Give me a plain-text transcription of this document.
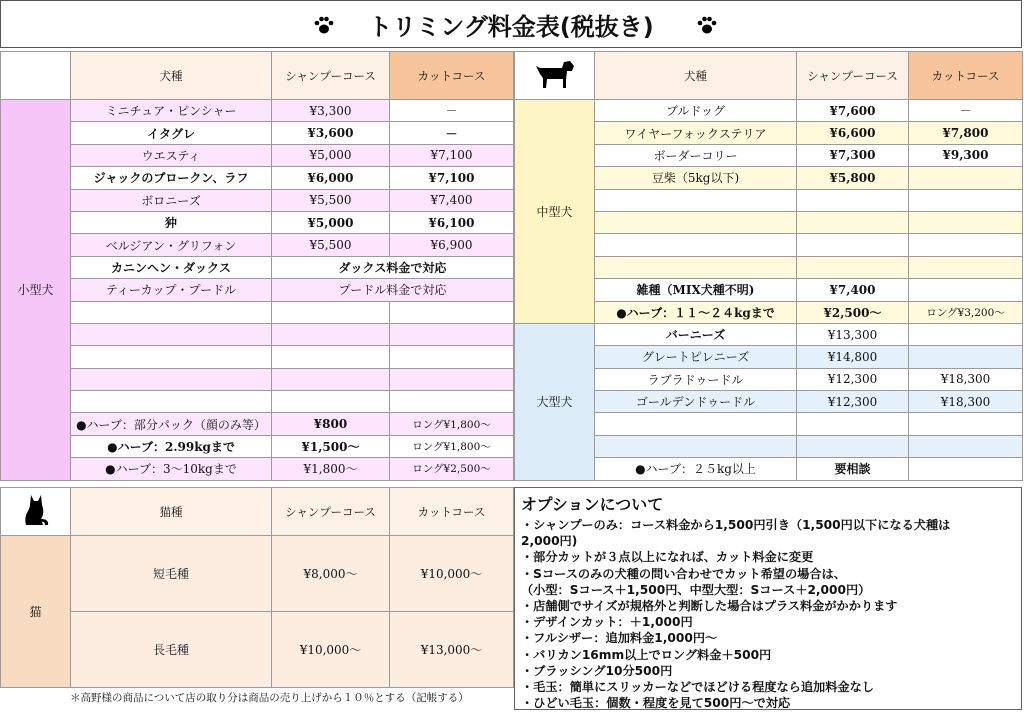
トリミング料金表(税抜き)
	犬種	シャンプーコース	カットコース
小型犬	ミニチュア・ピンシャー	¥3,300	－
	イタグレ	¥3,600	－
	ウエスティ	¥5,000	¥7,100
	ジャックのブロークン、ラフ	¥6,000	¥7,100
	ボロニーズ	¥5,500	¥7,400
	狆	¥5,000	¥6,100
	ベルジアン・グリフォン	¥5,500	¥6,900
	カニンヘン・ダックス	ダックス料金で対応	
	ティーカップ・プードル	プードル料金で対応	

	●ハーブ：部分パック（顔のみ等）	¥800	ロング¥1,800～
	●ハーブ：2.99kgまで	¥1,500～	ロング¥1,800～
	●ハーブ：3～10kgまで	¥1,800～	ロング¥2,500～
	犬種	シャンプーコース	カットコース
中型犬	ブルドッグ	¥7,600	－
	ワイヤーフォックステリア	¥6,600	¥7,800
	ボーダーコリー	¥7,300	¥9,300
	豆柴（5kg以下)	¥5,800	

	雑種（MIX犬種不明)	¥7,400	
	●ハーブ：１１～２４kgまで	¥2,500～	ロング¥3,200～
大型犬	バーニーズ	¥13,300	
	グレートピレニーズ	¥14,800	
	ラブラドゥードル	¥12,300	¥18,300
	ゴールデンドゥードル	¥12,300	¥18,300

	●ハーブ：２５kg以上	要相談	
	猫種	シャンプーコース	カットコース
猫	短毛種	¥8,000～	¥10,000～
	長毛種	¥10,000～	¥13,000～
＊高野様の商品について店の取り分は商品の売り上げから１０％とする（記帳する）
オプションについて
・シャンプーのみ：コース料金から1,500円引き（1,500円以下になる犬種は
2,000円)
・部分カットが３点以上になれば、カット料金に変更
・Sコースのみの犬種の問い合わせでカット希望の場合は、
（小型：Sコース＋1,500円、中型大型：Sコース＋2,000円）
・店舗側でサイズが規格外と判断した場合はプラス料金がかかります
・デザインカット：＋1,000円
・フルシザー：追加料金1,000円～
・バリカン16mm以上でロング料金＋500円
・ブラッシング10分500円
・毛玉：簡単にスリッカーなどでほどける程度なら追加料金なし
・ひどい毛玉：個数・程度を見て500円～で対応
